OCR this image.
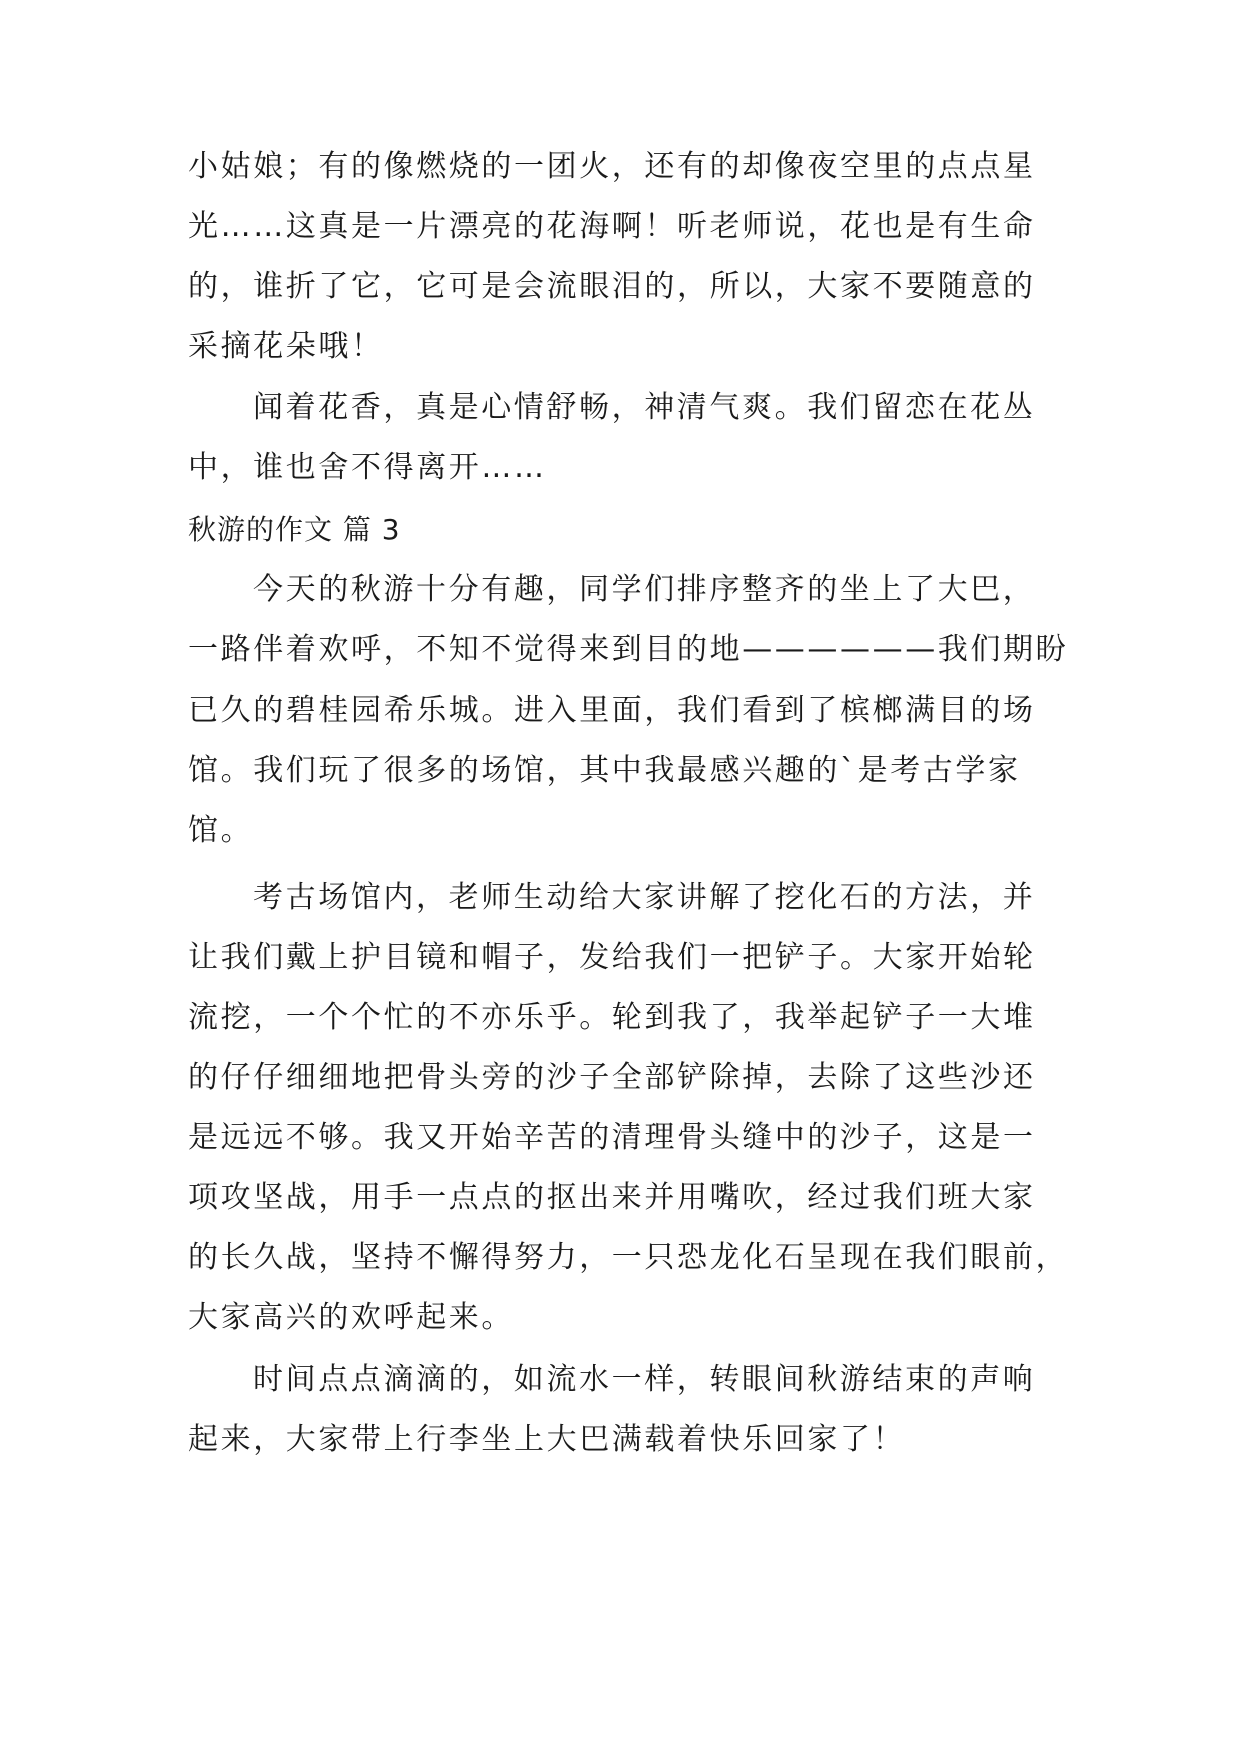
小姑娘；有的像燃烧的一团火，还有的却像夜空里的点点星
光……这真是一片漂亮的花海啊！听老师说，花也是有生命
的，谁折了它，它可是会流眼泪的，所以，大家不要随意的
采摘花朵哦！
闻着花香，真是心情舒畅，神清气爽。我们留恋在花丛
中，谁也舍不得离开……
秋游的作文 篇 3
今天的秋游十分有趣，同学们排序整齐的坐上了大巴，
一路伴着欢呼，不知不觉得来到目的地——————我们期盼
已久的碧桂园希乐城。进入里面，我们看到了槟榔满目的场
馆。我们玩了很多的场馆，其中我最感兴趣的`是考古学家
馆。
考古场馆内，老师生动给大家讲解了挖化石的方法，并
让我们戴上护目镜和帽子，发给我们一把铲子。大家开始轮
流挖，一个个忙的不亦乐乎。轮到我了，我举起铲子一大堆
的仔仔细细地把骨头旁的沙子全部铲除掉，去除了这些沙还
是远远不够。我又开始辛苦的清理骨头缝中的沙子，这是一
项攻坚战，用手一点点的抠出来并用嘴吹，经过我们班大家
的长久战，坚持不懈得努力，一只恐龙化石呈现在我们眼前，
大家高兴的欢呼起来。
时间点点滴滴的，如流水一样，转眼间秋游结束的声响
起来，大家带上行李坐上大巴满载着快乐回家了！
